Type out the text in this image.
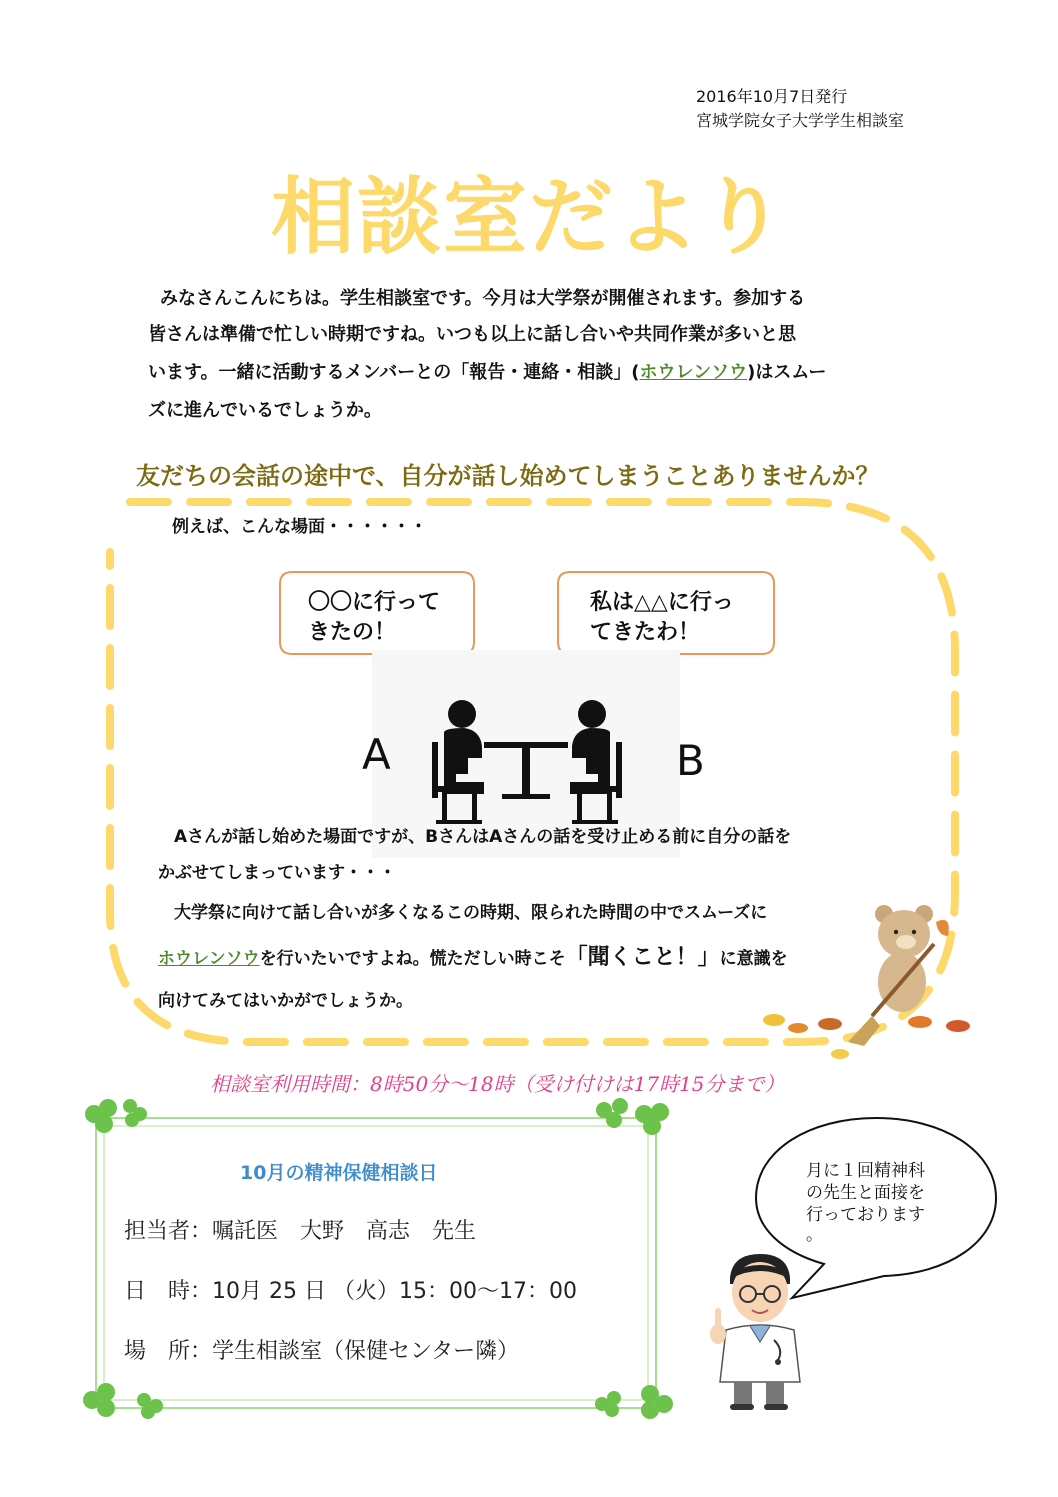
2016年10月7日発行
宮城学院女子大学学生相談室
相談室だより
みなさんこんにちは。学生相談室です。今月は大学祭が開催されます。参加する
皆さんは準備で忙しい時期ですね。いつも以上に話し合いや共同作業が多いと思
います。一緒に活動するメンバーとの「報告・連絡・相談」(ホウレンソウ)はスムー
ズに進んでいるでしょうか。
友だちの会話の途中で、自分が話し始めてしまうことありませんか？
例えば、こんな場面・・・・・・
〇〇に行って
きたの！
私は△△に行っ
てきたわ！
A	B
Aさんが話し始めた場面ですが、BさんはAさんの話を受け止める前に自分の話を
かぶせてしまっています・・・
大学祭に向けて話し合いが多くなるこの時期、限られた時間の中でスムーズに
ホウレンソウを行いたいですよね。慌ただしい時こそ「聞くこと！」に意識を
向けてみてはいかがでしょうか。
相談室利用時間：8時50分～18時（受け付けは17時15分まで）
10月の精神保健相談日
担当者：嘱託医　大野　高志　先生
日　時：10月 25 日 （火）15：00～17：00
場　所：学生相談室（保健センター隣）
月に１回精神科
の先生と面接を
行っております
。
